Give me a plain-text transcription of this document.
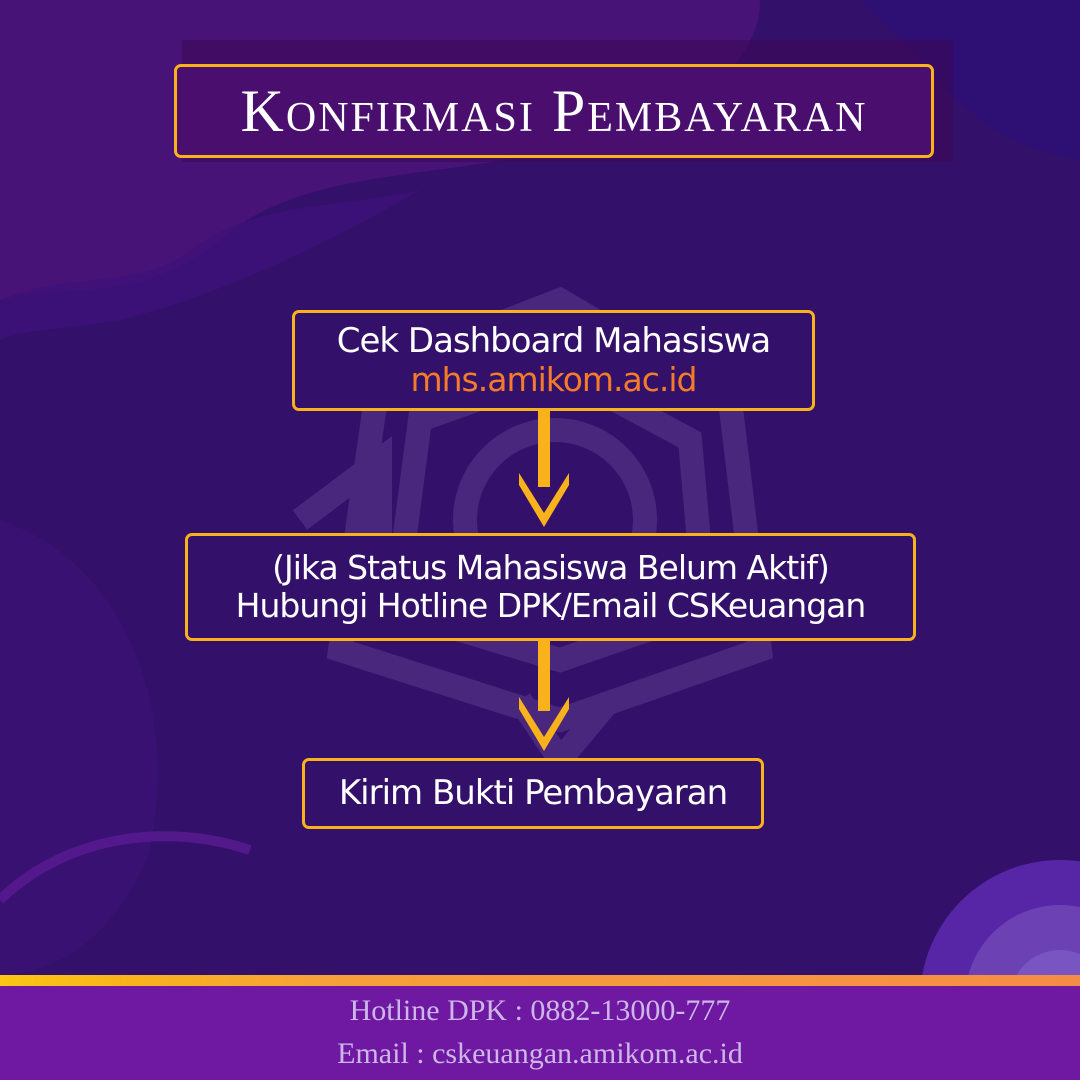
Konfirmasi Pembayaran
Cek Dashboard Mahasiswa
mhs.amikom.ac.id
(Jika Status Mahasiswa Belum Aktif)
Hubungi Hotline DPK/Email CSKeuangan
Kirim Bukti Pembayaran
Hotline DPK : 0882-13000-777
Email : cskeuangan.amikom.ac.id
